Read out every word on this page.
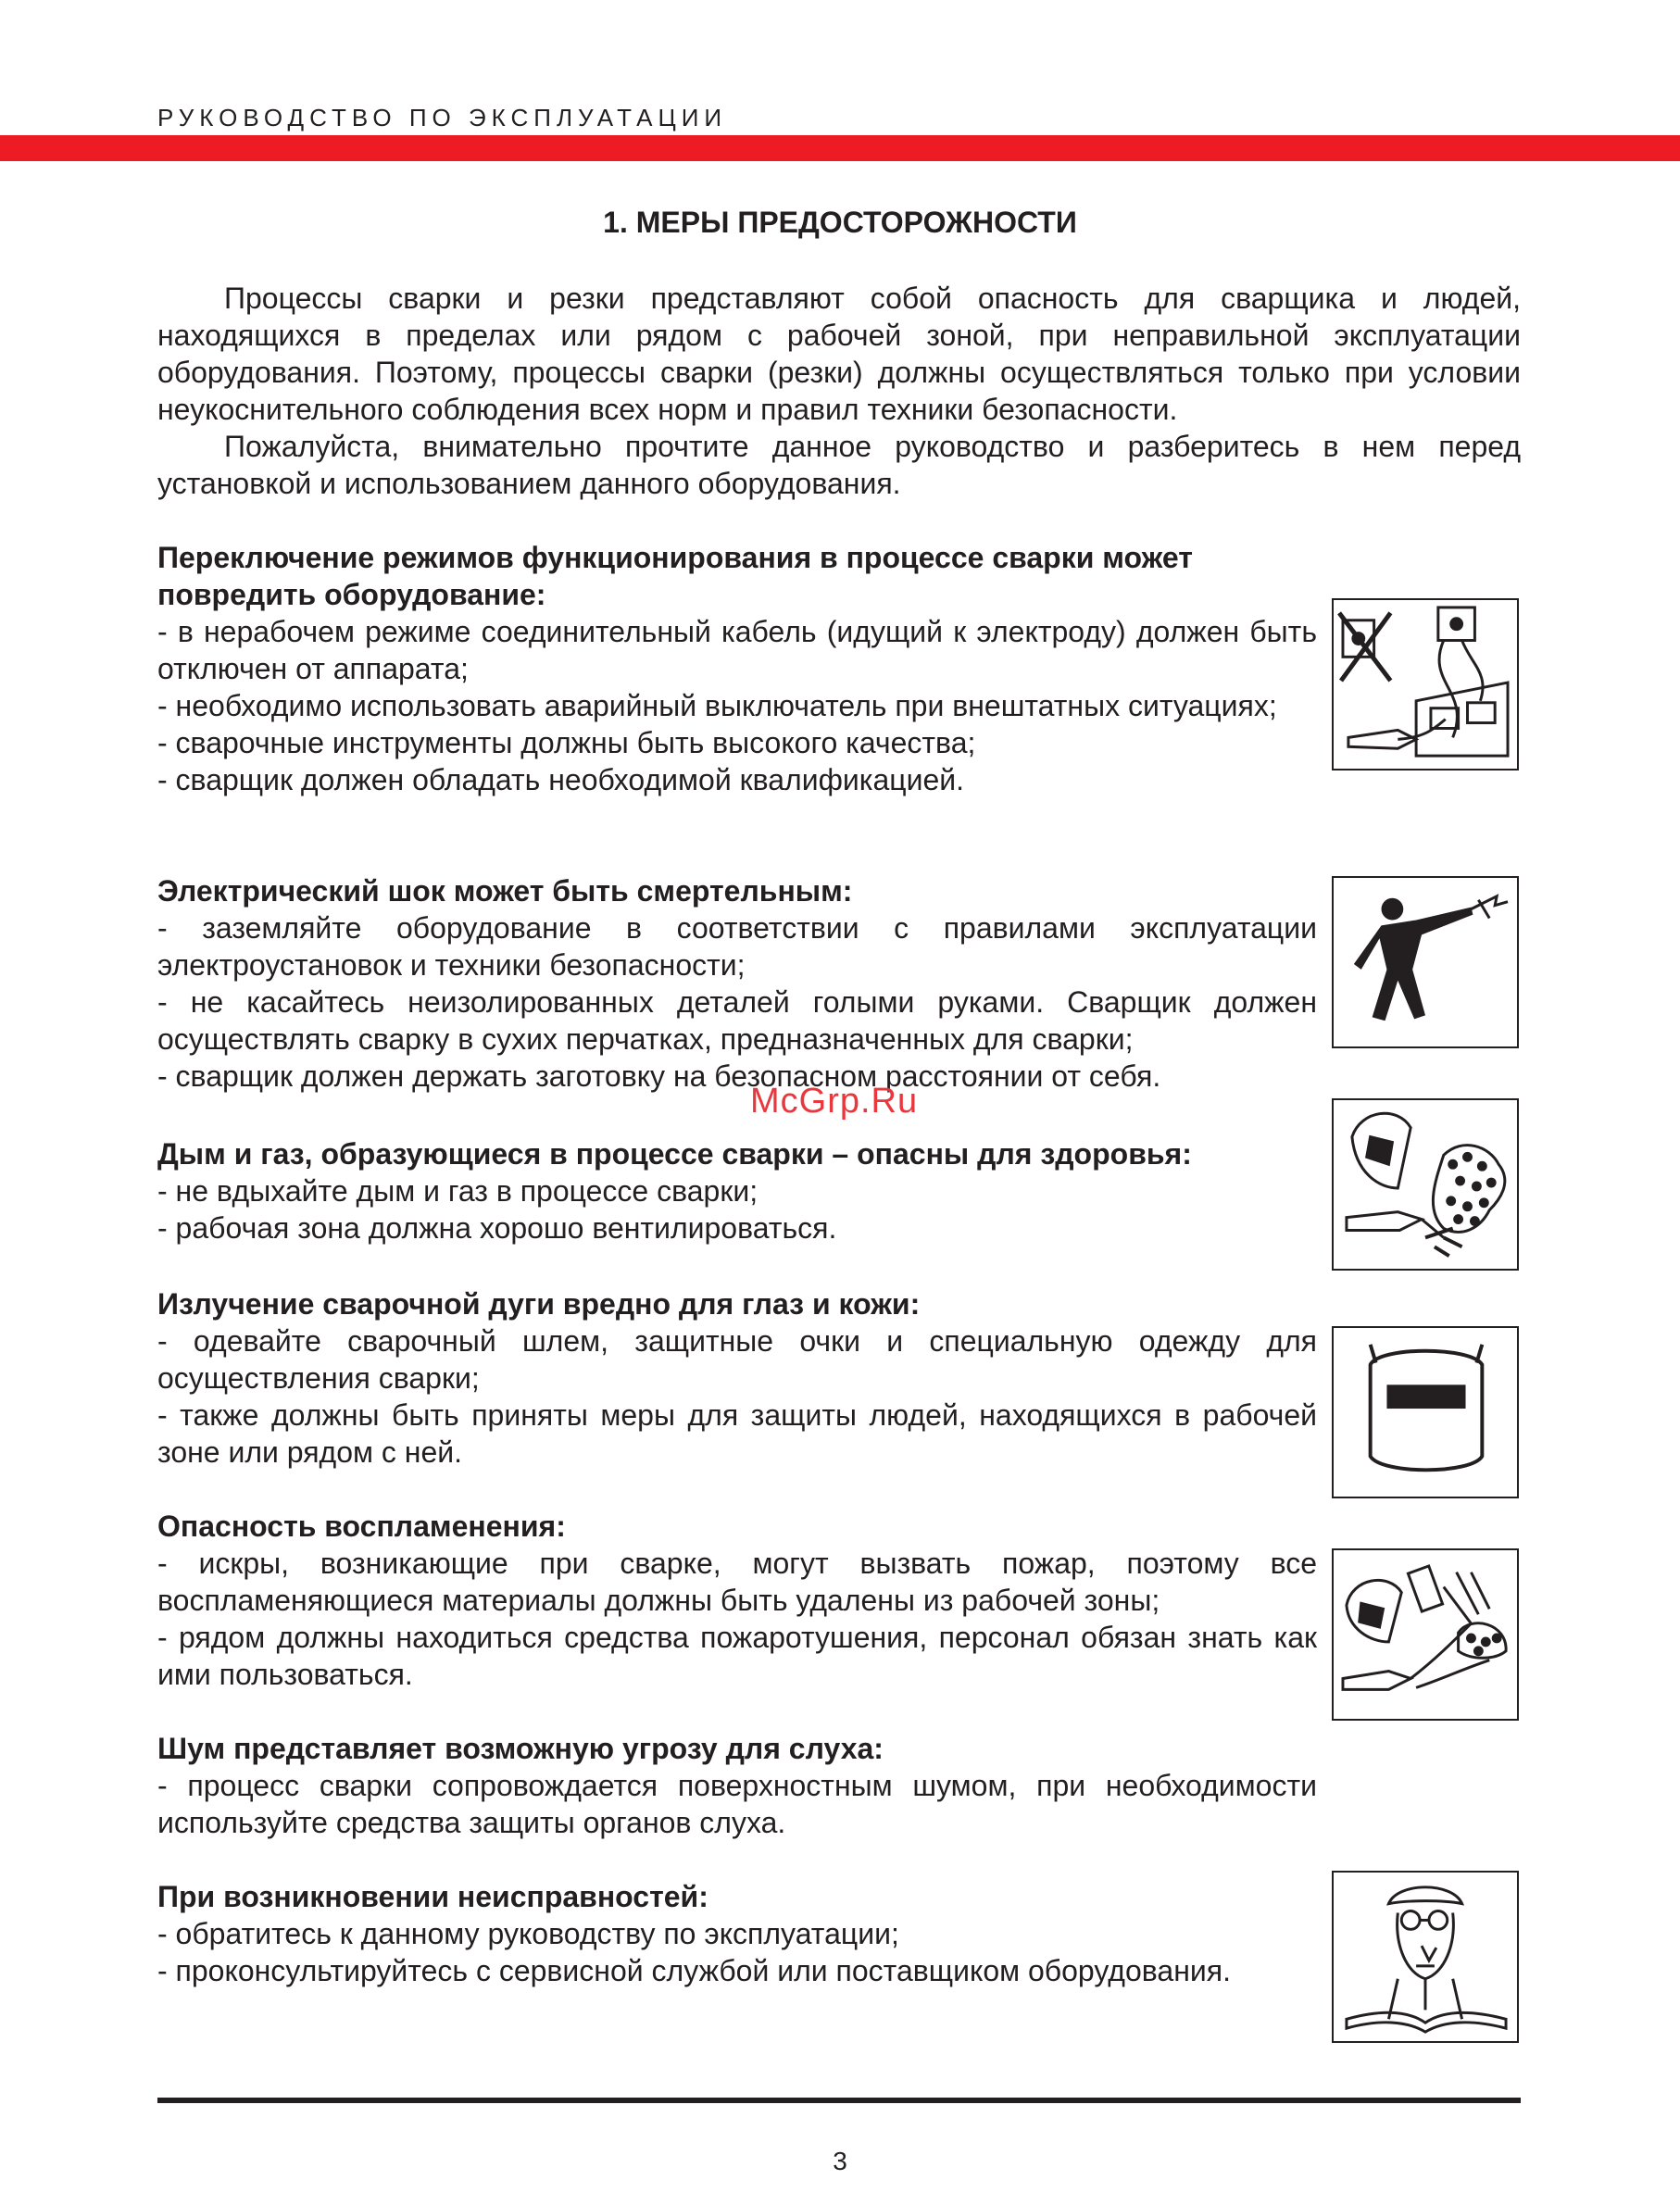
РУКОВОДСТВО ПО ЭКСПЛУАТАЦИИ
1. МЕРЫ ПРЕДОСТОРОЖНОСТИ

Процессы сварки и резки представляют собой опасность для сварщика и людей, находящихся в пределах или рядом с рабочей зоной, при неправильной эксплуатации оборудования. Поэтому, процессы сварки (резки) должны осуществляться только при условии неукоснительного соблюдения всех норм и правил техники безопасности.

Пожалуйста, внимательно прочтите данное руководство и разберитесь в нем перед установкой и использованием данного оборудования.

Переключение режимов функционирования в процессе сварки может повредить оборудование:
- в нерабочем режиме соединительный кабель (идущий к электроду) должен быть отключен от аппарата;
- необходимо использовать аварийный выключатель при внештатных ситуациях;
- сварочные инструменты должны быть высокого качества;
- сварщик должен обладать необходимой квалификацией.
Электрический шок может быть смертельным:
- заземляйте оборудование в соответствии с правилами эксплуатации электроустановок и техники безопасности;
- не касайтесь неизолированных деталей голыми руками. Сварщик должен осуществлять сварку в сухих перчатках, предназначенных для сварки;
- сварщик должен держать заготовку на безопасном расстоянии от себя.
Дым и газ, образующиеся в процессе сварки – опасны для здоровья:
- не вдыхайте дым и газ в процессе сварки;
- рабочая зона должна хорошо вентилироваться.
Излучение сварочной дуги вредно для глаз и кожи:
- одевайте сварочный шлем, защитные очки и специальную одежду для осуществления сварки;
- также должны быть приняты меры для защиты людей, находящихся в рабочей зоне или рядом с ней.
Опасность воспламенения:
- искры, возникающие при сварке, могут вызвать пожар, поэтому все воспламеняющиеся материалы должны быть удалены из рабочей зоны;
- рядом должны находиться средства пожаротушения, персонал обязан знать как ими пользоваться.
Шум представляет возможную угрозу для слуха:
- процесс сварки сопровождается поверхностным шумом, при необходимости используйте средства защиты органов слуха.
При возникновении неисправностей:
- обратитесь к данному руководству по эксплуатации;
- проконсультируйтесь с сервисной службой или поставщиком оборудования.
McGrp.Ru
3
